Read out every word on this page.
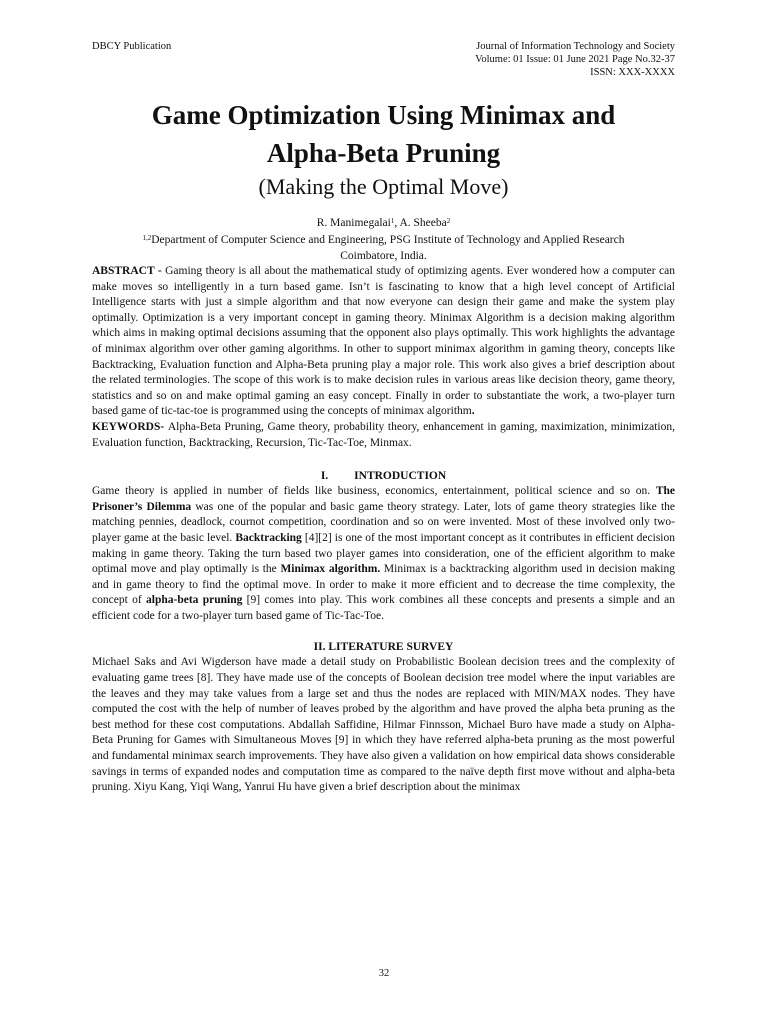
DBCY Publication	Journal of Information Technology and Society
Volume: 01 Issue: 01 June 2021 Page No.32-37
ISSN: XXX-XXXX
Game Optimization Using Minimax and
Alpha-Beta Pruning
(Making the Optimal Move)
R. Manimegalai$^1$, A. Sheeba$^2$
$^{1,2}$Department of Computer Science and Engineering, PSG Institute of Technology and Applied Research
Coimbatore, India.

ABSTRACT - Gaming theory is all about the mathematical study of optimizing agents. Ever wondered how a computer can make moves so intelligently in a turn based game. Isn’t is fascinating to know that a high level concept of Artificial Intelligence starts with just a simple algorithm and that now everyone can design their game and make the system play optimally. Optimization is a very important concept in gaming theory. Minimax Algorithm is a decision making algorithm which aims in making optimal decisions assuming that the opponent also plays optimally. This work highlights the advantage of minimax algorithm over other gaming algorithms. In other to support minimax algorithm in gaming theory, concepts like Backtracking, Evaluation function and Alpha-Beta pruning play a major role. This work also gives a brief description about the related terminologies. The scope of this work is to make decision rules in various areas like decision theory, game theory, statistics and so on and make optimal gaming an easy concept. Finally in order to substantiate the work, a two-player turn based game of tic-tac-toe is programmed using the concepts of minimax algorithm.

KEYWORDS- Alpha-Beta Pruning, Game theory, probability theory, enhancement in gaming, maximization, minimization, Evaluation function, Backtracking, Recursion, Tic-Tac-Toe, Minmax.

I. INTRODUCTION

Game theory is applied in number of fields like business, economics, entertainment, political science and so on. The Prisoner’s Dilemma was one of the popular and basic game theory strategy. Later, lots of game theory strategies like the matching pennies, deadlock, cournot competition, coordination and so on were invented. Most of these involved only two-player game at the basic level. Backtracking [4][2] is one of the most important concept as it contributes in efficient decision making in game theory. Taking the turn based two player games into consideration, one of the efficient algorithm to make optimal move and play optimally is the Minimax algorithm. Minimax is a backtracking algorithm used in decision making and in game theory to find the optimal move. In order to make it more efficient and to decrease the time complexity, the concept of alpha-beta pruning [9] comes into play. This work combines all these concepts and presents a simple and an efficient code for a two-player turn based game of Tic-Tac-Toe.

II. LITERATURE SURVEY

Michael Saks and Avi Wigderson have made a detail study on Probabilistic Boolean decision trees and the complexity of evaluating game trees [8]. They have made use of the concepts of Boolean decision tree model where the input variables are the leaves and they may take values from a large set and thus the nodes are replaced with MIN/MAX nodes. They have computed the cost with the help of number of leaves probed by the algorithm and have proved the alpha beta pruning as the best method for these cost computations. Abdallah Saffidine, Hilmar Finnsson, Michael Buro have made a study on Alpha-Beta Pruning for Games with Simultaneous Moves [9] in which they have referred alpha-beta pruning as the most powerful and fundamental minimax search improvements. They have also given a validation on how empirical data shows considerable savings in terms of expanded nodes and computation time as compared to the naïve depth first move without and alpha-beta pruning. Xiyu Kang, Yiqi Wang, Yanrui Hu have given a brief description about the minimax

32
